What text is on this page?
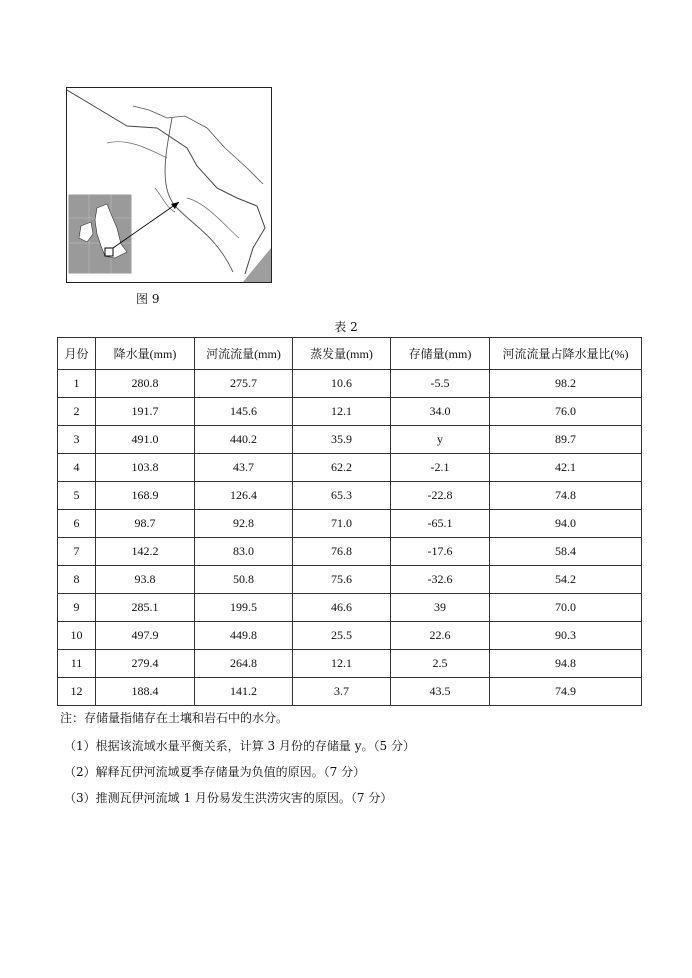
图 9
表 2
月份	降水量(mm)	河流流量(mm)	蒸发量(mm)	存储量(mm)	河流流量占降水量比(%)
1	280.8	275.7	10.6	-5.5	98.2
2	191.7	145.6	12.1	34.0	76.0
3	491.0	440.2	35.9	y	89.7
4	103.8	43.7	62.2	-2.1	42.1
5	168.9	126.4	65.3	-22.8	74.8
6	98.7	92.8	71.0	-65.1	94.0
7	142.2	83.0	76.8	-17.6	58.4
8	93.8	50.8	75.6	-32.6	54.2
9	285.1	199.5	46.6	39	70.0
10	497.9	449.8	25.5	22.6	90.3
11	279.4	264.8	12.1	2.5	94.8
12	188.4	141.2	3.7	43.5	74.9
注：存储量指储存在土壤和岩石中的水分。
（1）根据该流域水量平衡关系，计算 3 月份的存储量 y。（5 分）
（2）解释瓦伊河流域夏季存储量为负值的原因。（7 分）
（3）推测瓦伊河流域 1 月份易发生洪涝灾害的原因。（7 分）
